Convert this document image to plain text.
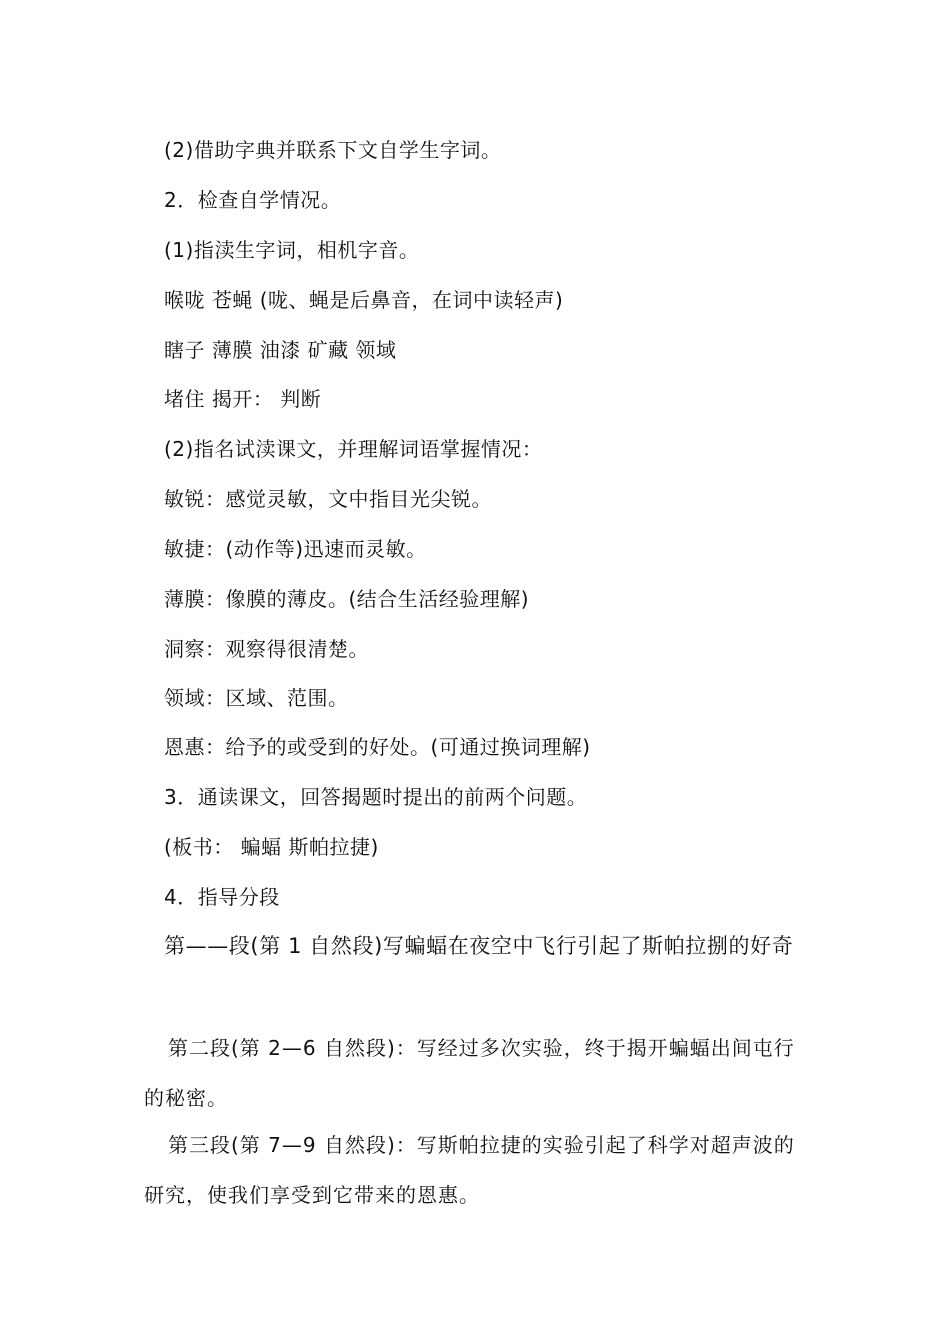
(2)借助字典并联系下文自学生字词。
2．检查自学情况。
(1)指渎生字词，相机字音。
喉咙 苍蝇 (咙、蝇是后鼻音，在词中读轻声)
瞎子 薄膜 油漆 矿藏 领域
堵住 揭开： 判断
(2)指名试渎课文，并理解词语掌握情况：
敏锐：感觉灵敏，文中指目光尖锐。
敏捷：(动作等)迅速而灵敏。
薄膜：像膜的薄皮。(结合生活经验理解)
洞察：观察得很清楚。
领域：区域、范围。
恩惠：给予的或受到的好处。(可通过换词理解)
3．通读课文，回答揭题时提出的前两个问题。
(板书： 蝙蝠 斯帕拉捷)
4．指导分段
第——段(第 1 自然段)写蝙蝠在夜空中飞行引起了斯帕拉捌的好奇
第二段(第 2—6 自然段)：写经过多次实验，终于揭开蝙蝠出间屯行的秘密。
第三段(第 7—9 自然段)：写斯帕拉捷的实验引起了科学对超声波的研究，使我们享受到它带来的恩惠。
